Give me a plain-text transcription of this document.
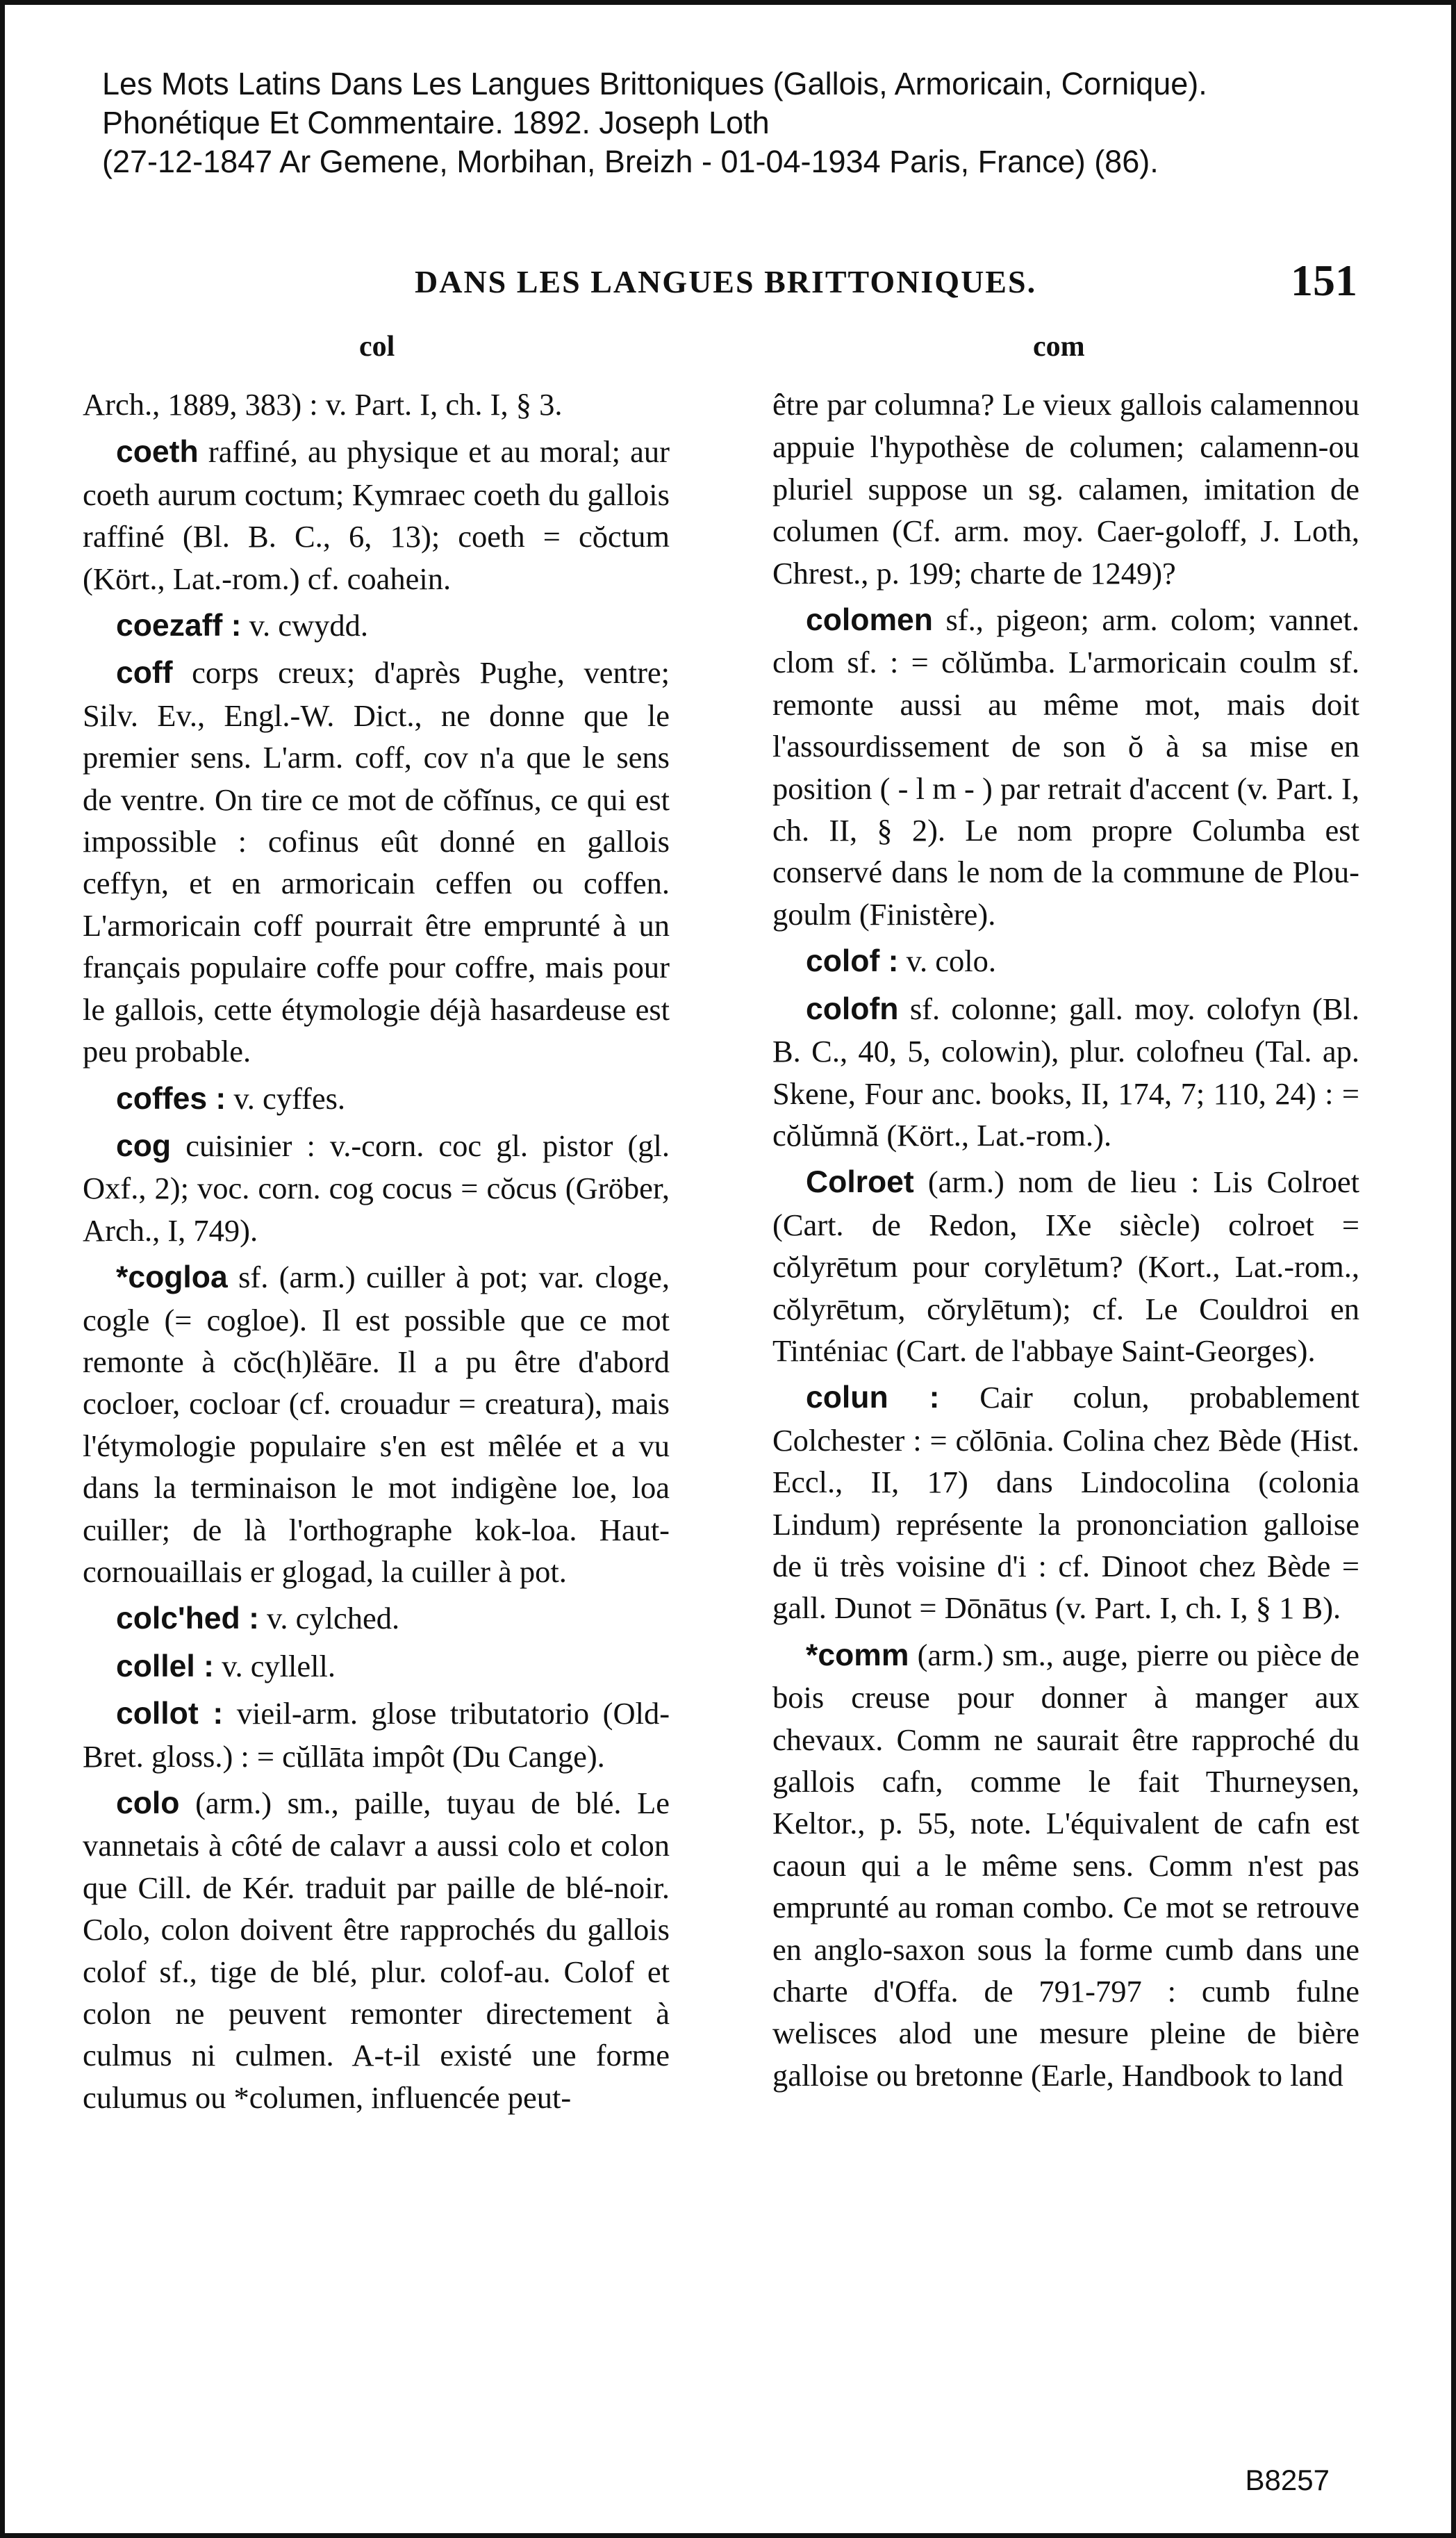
Les Mots Latins Dans Les Langues Brittoniques (Gallois, Armoricain, Cornique).
Phonétique Et Commentaire. 1892. Joseph Loth
(27-12-1847 Ar Gemene, Morbihan, Breizh - 01-04-1934 Paris, France) (86).
DANS LES LANGUES BRITTONIQUES.	151
col	com

Arch., 1889, 383) : v. Part. I, ch. I, § 3.

coeth raffiné, au physique et au moral; aur coeth aurum coctum; Kymraec coeth du gallois raffiné (Bl. B. C., 6, 13); coeth = cŏctum (Kört., Lat.-rom.) cf. coahein.

coezaff : v. cwydd.

coff corps creux; d'après Pughe, ventre; Silv. Ev., Engl.-W. Dict., ne donne que le premier sens. L'arm. coff, cov n'a que le sens de ventre. On tire ce mot de cŏfĭnus, ce qui est impossible : cofinus eût donné en gallois ceffyn, et en armoricain ceffen ou coffen. L'armoricain coff pourrait être emprunté à un français populaire coffe pour coffre, mais pour le gallois, cette étymologie déjà hasardeuse est peu probable.

coffes : v. cyffes.

cog cuisinier : v.-corn. coc gl. pistor (gl. Oxf., 2); voc. corn. cog cocus = cŏcus (Gröber, Arch., I, 749).

*cogloa sf. (arm.) cuiller à pot; var. cloge, cogle (= cogloe). Il est possible que ce mot remonte à cŏc(h)lĕāre. Il a pu être d'abord cocloer, cocloar (cf. crouadur = creatura), mais l'étymologie populaire s'en est mêlée et a vu dans la terminaison le mot indigène loe, loa cuiller; de là l'orthographe kok-loa. Haut-cornouaillais er glogad, la cuiller à pot.

colc'hed : v. cylched.

collel : v. cyllell.

collot : vieil-arm. glose tributatorio (Old-Bret. gloss.) : = cŭllāta impôt (Du Cange).

colo (arm.) sm., paille, tuyau de blé. Le vannetais à côté de calavr a aussi colo et colon que Cill. de Kér. traduit par paille de blé-noir. Colo, colon doivent être rapprochés du gallois colof sf., tige de blé, plur. colof-au. Colof et colon ne peuvent remonter directement à culmus ni culmen. A-t-il existé une forme culumus ou *columen, influencée peut-

être par columna? Le vieux gallois calamennou appuie l'hypothèse de columen; calamenn-ou pluriel suppose un sg. calamen, imitation de columen (Cf. arm. moy. Caer-goloff, J. Loth, Chrest., p. 199; charte de 1249)?

colomen sf., pigeon; arm. colom; vannet. clom sf. : = cŏlŭmba. L'armoricain coulm sf. remonte aussi au même mot, mais doit l'assourdissement de son ŏ à sa mise en position ( - l m - ) par retrait d'accent (v. Part. I, ch. II, § 2). Le nom propre Columba est conservé dans le nom de la commune de Plou-goulm (Finistère).

colof : v. colo.

colofn sf. colonne; gall. moy. colofyn (Bl. B. C., 40, 5, colowin), plur. colofneu (Tal. ap. Skene, Four anc. books, II, 174, 7; 110, 24) : = cŏlŭmnă (Kört., Lat.-rom.).

Colroet (arm.) nom de lieu : Lis Colroet (Cart. de Redon, IXe siècle) colroet = cŏlyrētum pour corylētum? (Kort., Lat.-rom., cŏlyrētum, cŏrylētum); cf. Le Couldroi en Tinténiac (Cart. de l'abbaye Saint-Georges).

colun : Cair colun, probablement Colchester : = cŏlōnia. Colina chez Bède (Hist. Eccl., II, 17) dans Lindocolina (colonia Lindum) représente la prononciation galloise de ü très voisine d'i : cf. Dinoot chez Bède = gall. Dunot = Dōnātus (v. Part. I, ch. I, § 1 B).

*comm (arm.) sm., auge, pierre ou pièce de bois creuse pour donner à manger aux chevaux. Comm ne saurait être rapproché du gallois cafn, comme le fait Thurneysen, Keltor., p. 55, note. L'équivalent de cafn est caoun qui a le même sens. Comm n'est pas emprunté au roman combo. Ce mot se retrouve en anglo-saxon sous la forme cumb dans une charte d'Offa. de 791-797 : cumb fulne welisces alod une mesure pleine de bière galloise ou bretonne (Earle, Handbook to land

B8257
